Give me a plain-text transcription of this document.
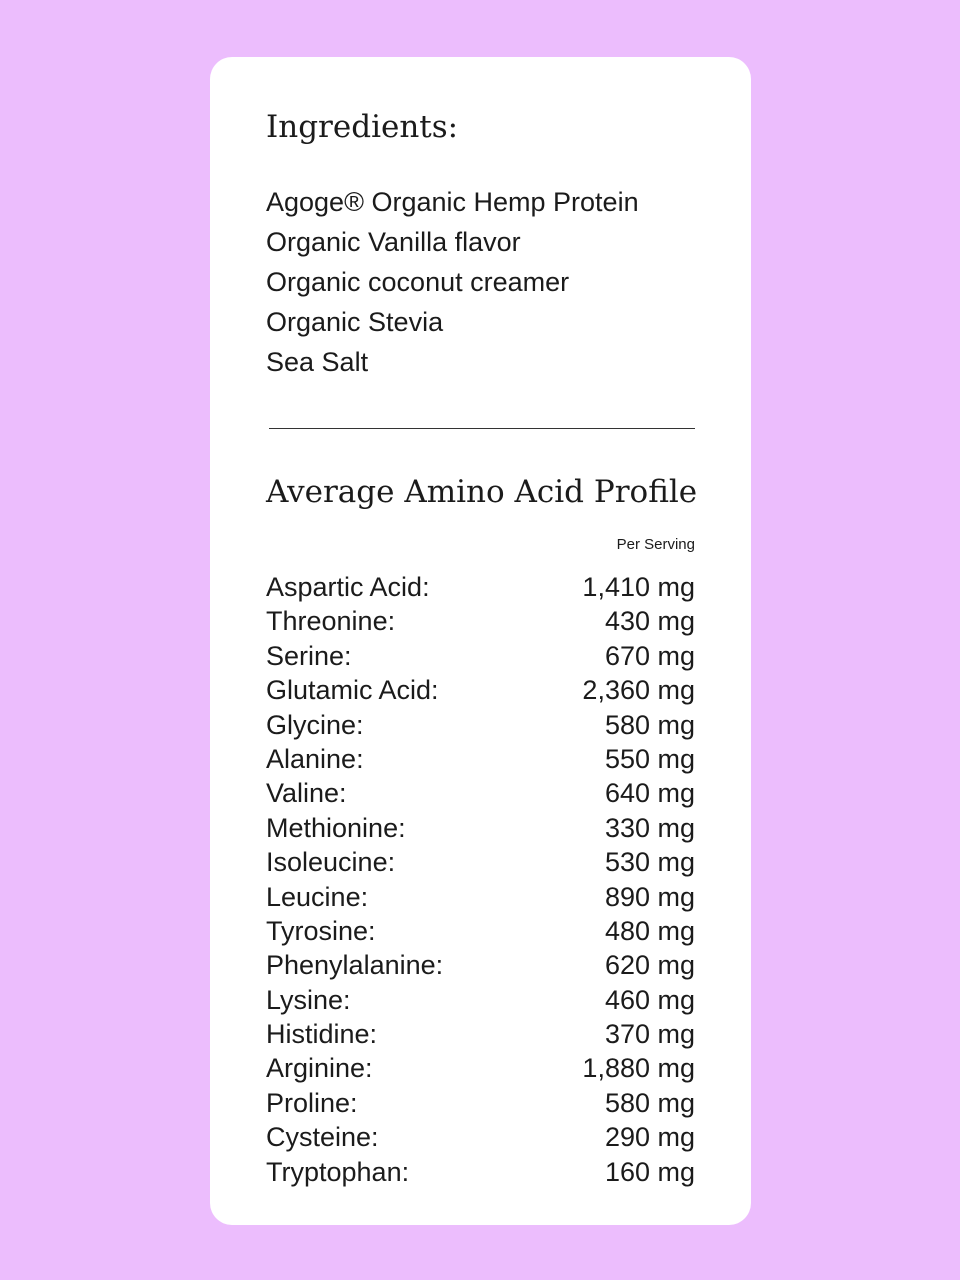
Ingredients:
Agoge® Organic Hemp Protein
Organic Vanilla flavor
Organic coconut creamer
Organic Stevia
Sea Salt
Average Amino Acid Profile
Per Serving
Aspartic Acid:	1,410 mg
Threonine:	430 mg
Serine:	670 mg
Glutamic Acid:	2,360 mg
Glycine:	580 mg
Alanine:	550 mg
Valine:	640 mg
Methionine:	330 mg
Isoleucine:	530 mg
Leucine:	890 mg
Tyrosine:	480 mg
Phenylalanine:	620 mg
Lysine:	460 mg
Histidine:	370 mg
Arginine:	1,880 mg
Proline:	580 mg
Cysteine:	290 mg
Tryptophan:	160 mg
